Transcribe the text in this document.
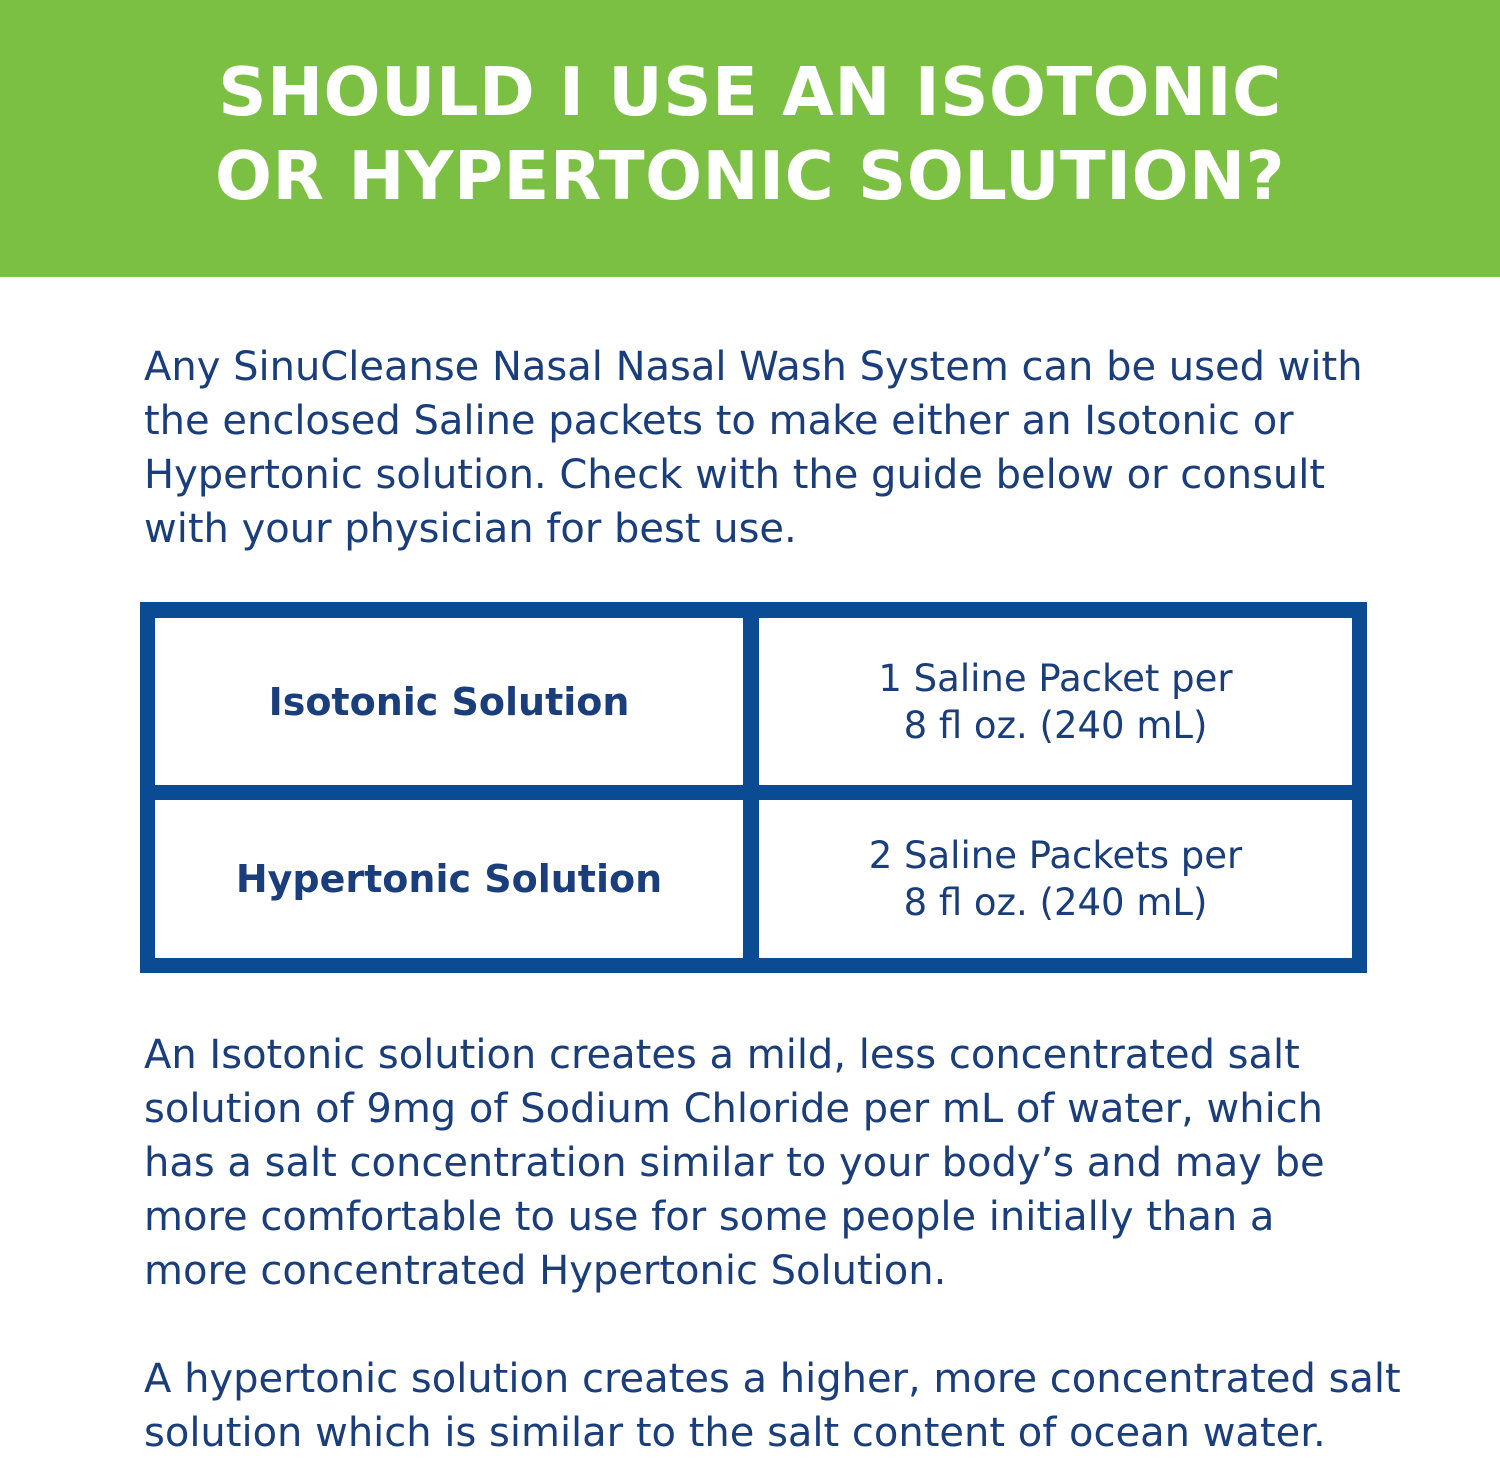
SHOULD I USE AN ISOTONIC
OR HYPERTONIC SOLUTION?

Any SinuCleanse Nasal Nasal Wash System can be used with
the enclosed Saline packets to make either an Isotonic or
Hypertonic solution. Check with the guide below or consult
with your physician for best use.

Isotonic Solution
1 Saline Packet per
8 fl oz. (240 mL)
Hypertonic Solution
2 Saline Packets per
8 fl oz. (240 mL)

An Isotonic solution creates a mild, less concentrated salt
solution of 9mg of Sodium Chloride per mL of water, which
has a salt concentration similar to your body’s and may be
more comfortable to use for some people initially than a
more concentrated Hypertonic Solution.

A hypertonic solution creates a higher, more concentrated salt
solution which is similar to the salt content of ocean water.
